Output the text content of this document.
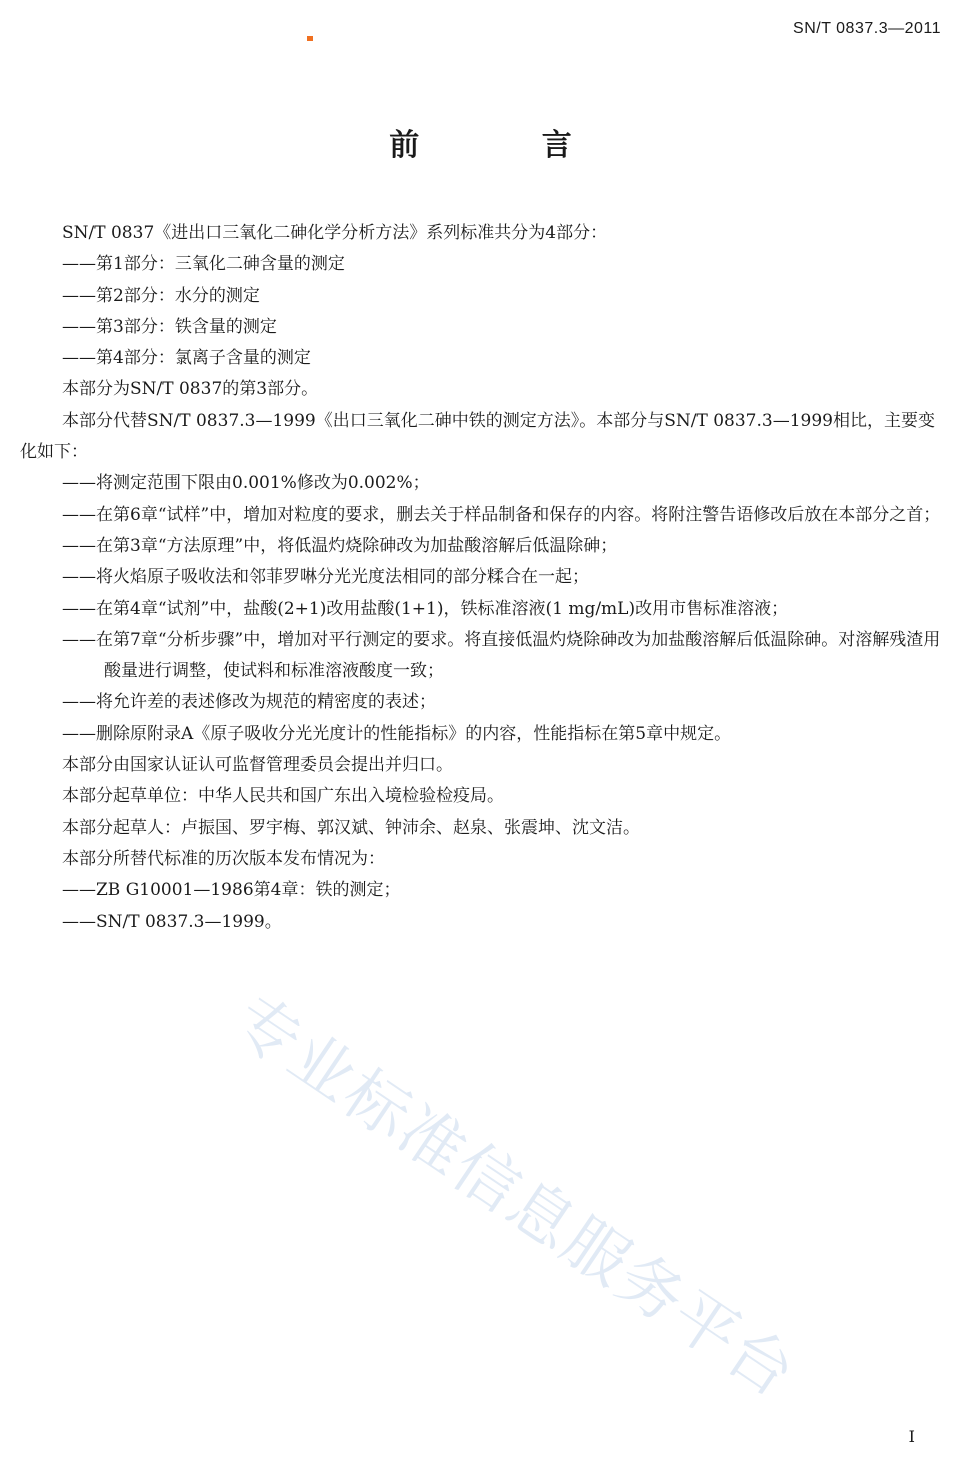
SN/T 0837.3—2011
前 言

SN/T 0837《进出口三氧化二砷化学分析方法》系列标准共分为4部分：

——第1部分：三氧化二砷含量的测定

——第2部分：水分的测定

——第3部分：铁含量的测定

——第4部分：氯离子含量的测定

本部分为SN/T 0837的第3部分。

本部分代替SN/T 0837.3—1999《出口三氧化二砷中铁的测定方法》。本部分与SN/T 0837.3—1999相比，主要变化如下：

——将测定范围下限由0.001%修改为0.002%；

——在第6章“试样”中，增加对粒度的要求，删去关于样品制备和保存的内容。将附注警告语修改后放在本部分之首；

——在第3章“方法原理”中，将低温灼烧除砷改为加盐酸溶解后低温除砷；

——将火焰原子吸收法和邻菲罗啉分光光度法相同的部分糅合在一起；

——在第4章“试剂”中，盐酸(2+1)改用盐酸(1+1)，铁标准溶液(1 mg/mL)改用市售标准溶液；

——在第7章“分析步骤”中，增加对平行测定的要求。将直接低温灼烧除砷改为加盐酸溶解后低温除砷。对溶解残渣用酸量进行调整，使试料和标准溶液酸度一致；

——将允许差的表述修改为规范的精密度的表述；

——删除原附录A《原子吸收分光光度计的性能指标》的内容，性能指标在第5章中规定。

本部分由国家认证认可监督管理委员会提出并归口。

本部分起草单位：中华人民共和国广东出入境检验检疫局。

本部分起草人：卢振国、罗宇梅、郭汉斌、钟沛余、赵泉、张震坤、沈文洁。

本部分所替代标准的历次版本发布情况为：

——ZB G10001—1986第4章：铁的测定；

——SN/T 0837.3—1999。

专业标准信息服务平台
I
